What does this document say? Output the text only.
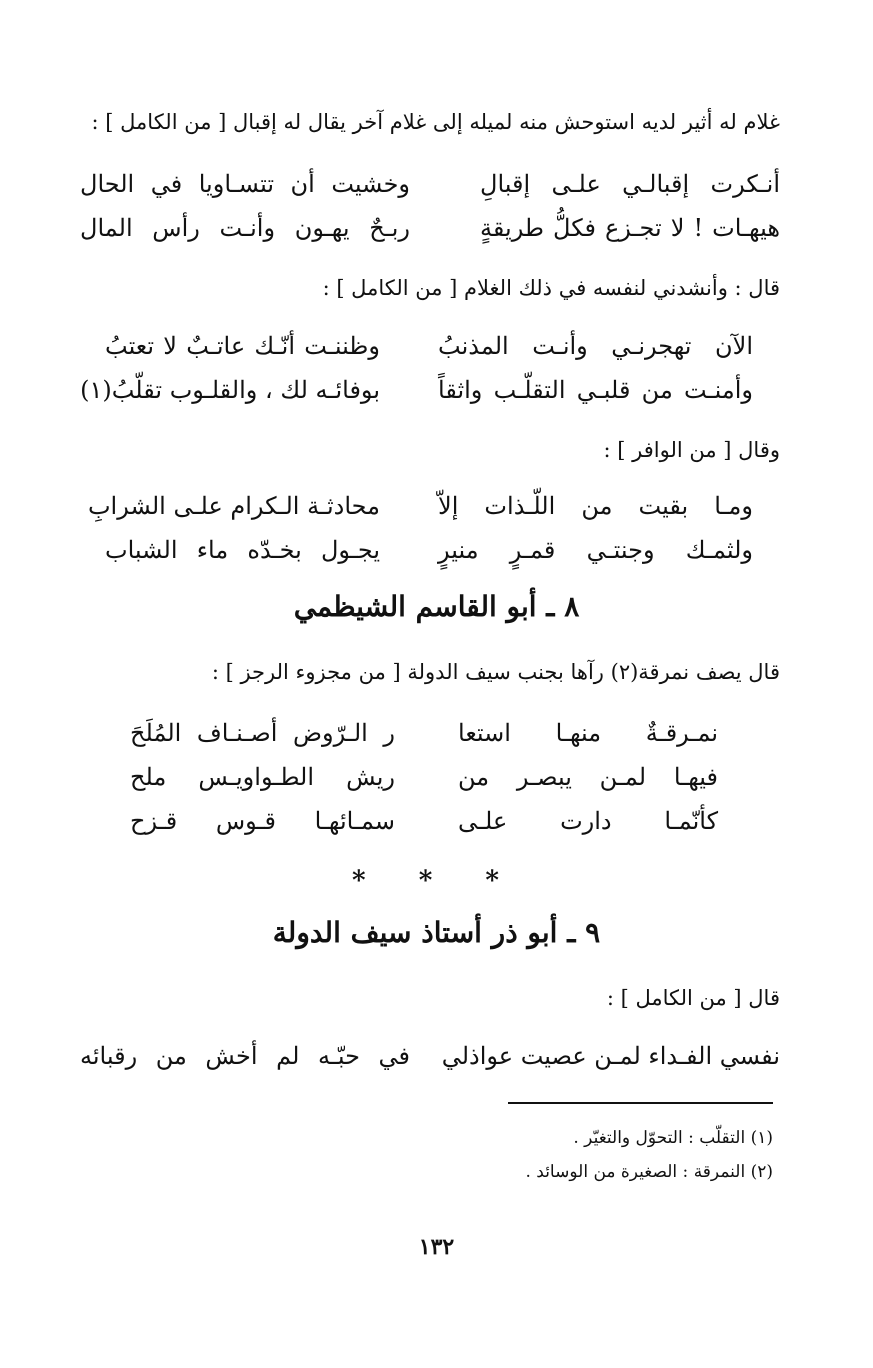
غلام له أثير لديه استوحش منه لميله إلى غلام آخر يقال له إقبال [ من الكامل ] :
أنـكرت إقبالـي علـى إقبالِ
وخشيت أن تتسـاويا في الحال
هيهـات ! لا تجـزع فكلُّ طريقةٍ
ربـحٌ يهـون وأنـت رأس المال
قال : وأنشدني لنفسه في ذلك الغلام [ من الكامل ] :
الآن تهجرنـي وأنـت المذنبُ
وظننـت أنّـك عاتـبٌ لا تعتبُ
وأمنـت من قلبـي التقلّـب واثقاً
بوفائـه لك ، والقلـوب تقلّبُ(١)
وقال [ من الوافر ] :
ومـا بقيت من اللّـذات إلاّ
محادثـة الـكرام علـى الشرابِ
ولثمـك وجنتـي قمـرٍ منيرٍ
يجـول بخـدّه ماء الشباب
٨ ـ أبو القاسم الشيظمي
قال يصف نمرقة(٢) رآها بجنب سيف الدولة [ من مجزوء الرجز ] :
نمـرقـةٌ منهـا استعا
ر الـرّوض أصـنـاف المُلَحَ
فيهـا لمـن يبصـر من
ريش الطـواويـس ملح
كأنّمـا دارت علـى
سمـائهـا قـوس قـزح
* * *
٩ ـ أبو ذر أستاذ سيف الدولة
قال [ من الكامل ] :
نفسي الفـداء لمـن عصيت عواذلي
في حبّـه لم أخش من رقبائه
(١) التقلّب : التحوّل والتغيّر .
(٢) النمرقة : الصغيرة من الوسائد .
١٣٢
